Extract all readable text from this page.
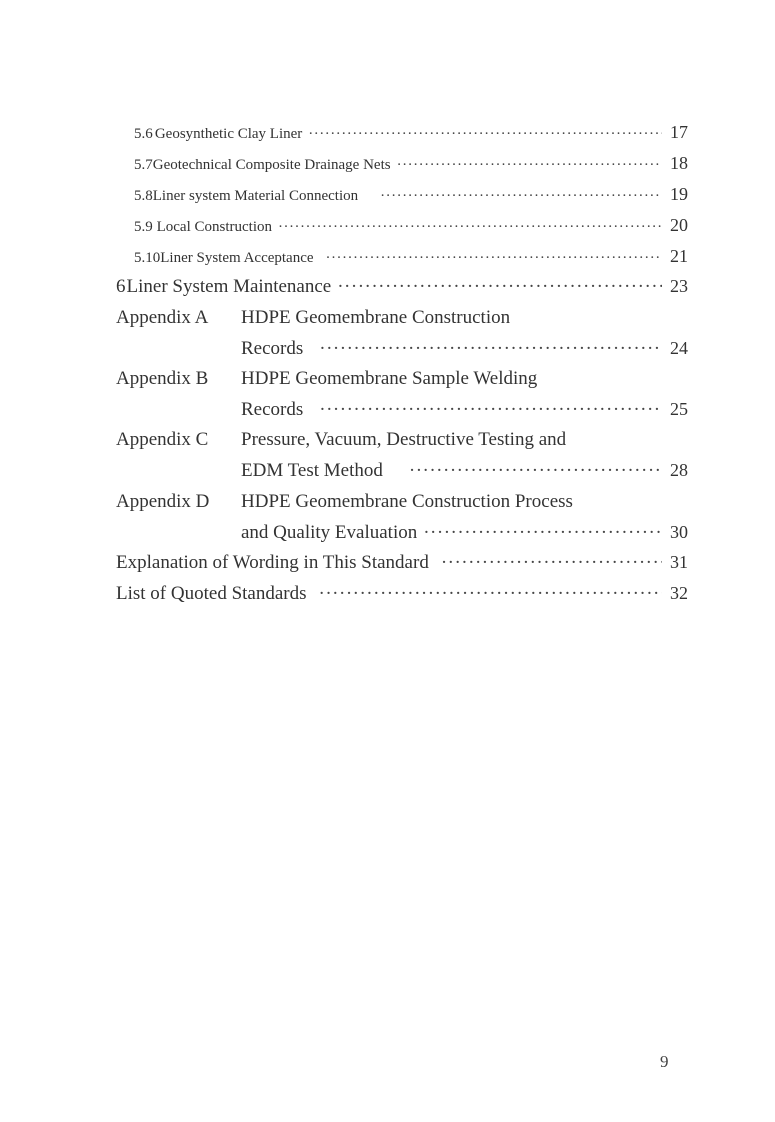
5.6 Geosynthetic Clay Liner ·····	17
5.7 Geotechnical Composite Drainage Nets ·····	18
5.8 Liner system Material Connection ·····	19
5.9 Local Construction ·····	20
5.10 Liner System Acceptance ·····	21
6 Liner System Maintenance ·····	23
Appendix A HDPE Geomembrane Construction
Records ·····	24
Appendix B HDPE Geomembrane Sample Welding
Records ·····	25
Appendix C Pressure, Vacuum, Destructive Testing and
EDM Test Method ·····	28
Appendix D HDPE Geomembrane Construction Process
and Quality Evaluation ·····	30
Explanation of Wording in This Standard ·····	31
List of Quoted Standards ·····	32
9
